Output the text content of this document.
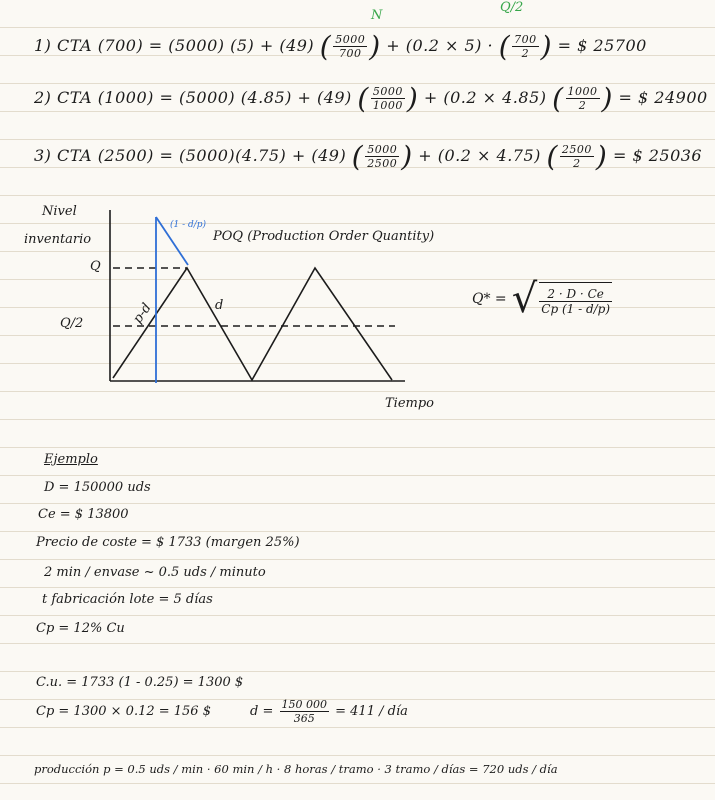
N
Q/2
1) CTA (700) = (5000) (5) + (49) ( $\frac{5000}{700}$ ) + (0.2 × 5) · ( $\frac{700}{2}$ ) = $ 25700
2) CTA (1000) = (5000) (4.85) + (49) ( $\frac{5000}{1000}$ ) + (0.2 × 4.85) ( $\frac{1000}{2}$ ) = $ 24900
3) CTA (2500) = (5000)(4.75) + (49) ( $\frac{5000}{2500}$ ) + (0.2 × 4.75) ( $\frac{2500}{2}$ ) = $ 25036
Nivel
inventario
Q
Q/2	p-d	d
(1 - d/p)
POQ (Production Order Quantity)
Tiempo
Q* = √ $\frac{2 \cdot D \cdot Ce}{Cp (1 - d/p)}$
Ejemplo
D = 150000 uds
Ce = $ 13800
Precio de coste = $ 1733 (margen 25%)
2 min / envase ~ 0.5 uds / minuto
t fabricación lote = 5 días
Cp = 12% Cu
C.u. = 1733 (1 - 0.25) = 1300 $
Cp = 1300 × 0.12 = 156 $	$d = \frac{150 000}{365} = 411$ / día
producción p = 0.5 uds / min · 60 min / h · 8 horas / tramo · 3 tramo / días = 720 uds / día
